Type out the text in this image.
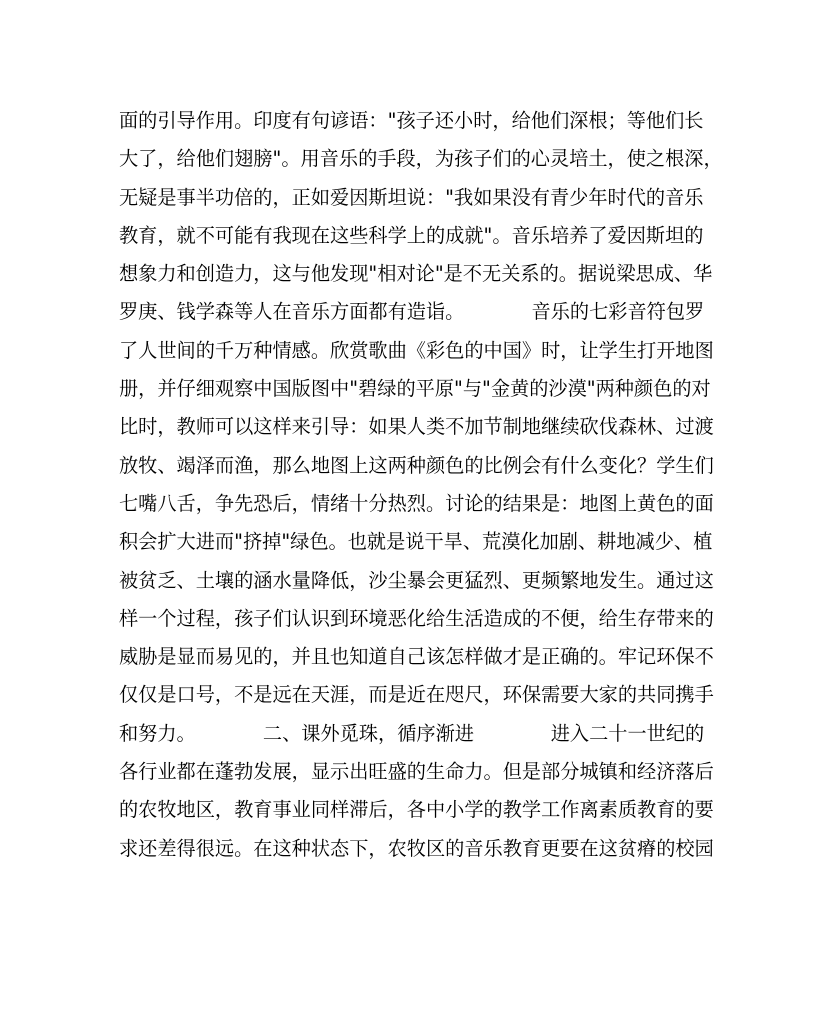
面的引导作用。印度有句谚语："孩子还小时，给他们深根；等他们长
大了，给他们翅膀"。用音乐的手段，为孩子们的心灵培土，使之根深，
无疑是事半功倍的，正如爱因斯坦说："我如果没有青少年时代的音乐
教育，就不可能有我现在这些科学上的成就"。音乐培养了爱因斯坦的
想象力和创造力，这与他发现"相对论"是不无关系的。据说梁思成、华
罗庚、钱学森等人在音乐方面都有造诣。　　　　音乐的七彩音符包罗
了人世间的千万种情感。欣赏歌曲《彩色的中国》时，让学生打开地图
册，并仔细观察中国版图中"碧绿的平原"与"金黄的沙漠"两种颜色的对
比时，教师可以这样来引导：如果人类不加节制地继续砍伐森林、过渡
放牧、竭泽而渔，那么地图上这两种颜色的比例会有什么变化？学生们
七嘴八舌，争先恐后，情绪十分热烈。讨论的结果是：地图上黄色的面
积会扩大进而"挤掉"绿色。也就是说干旱、荒漠化加剧、耕地减少、植
被贫乏、土壤的涵水量降低，沙尘暴会更猛烈、更频繁地发生。通过这
样一个过程，孩子们认识到环境恶化给生活造成的不便，给生存带来的
威胁是显而易见的，并且也知道自己该怎样做才是正确的。牢记环保不
仅仅是口号，不是远在天涯，而是近在咫尺，环保需要大家的共同携手
和努力。　　　　二、课外觅珠，循序渐进　　　　进入二十一世纪的
各行业都在蓬勃发展，显示出旺盛的生命力。但是部分城镇和经济落后
的农牧地区，教育事业同样滞后，各中小学的教学工作离素质教育的要
求还差得很远。在这种状态下，农牧区的音乐教育更要在这贫瘠的校园
